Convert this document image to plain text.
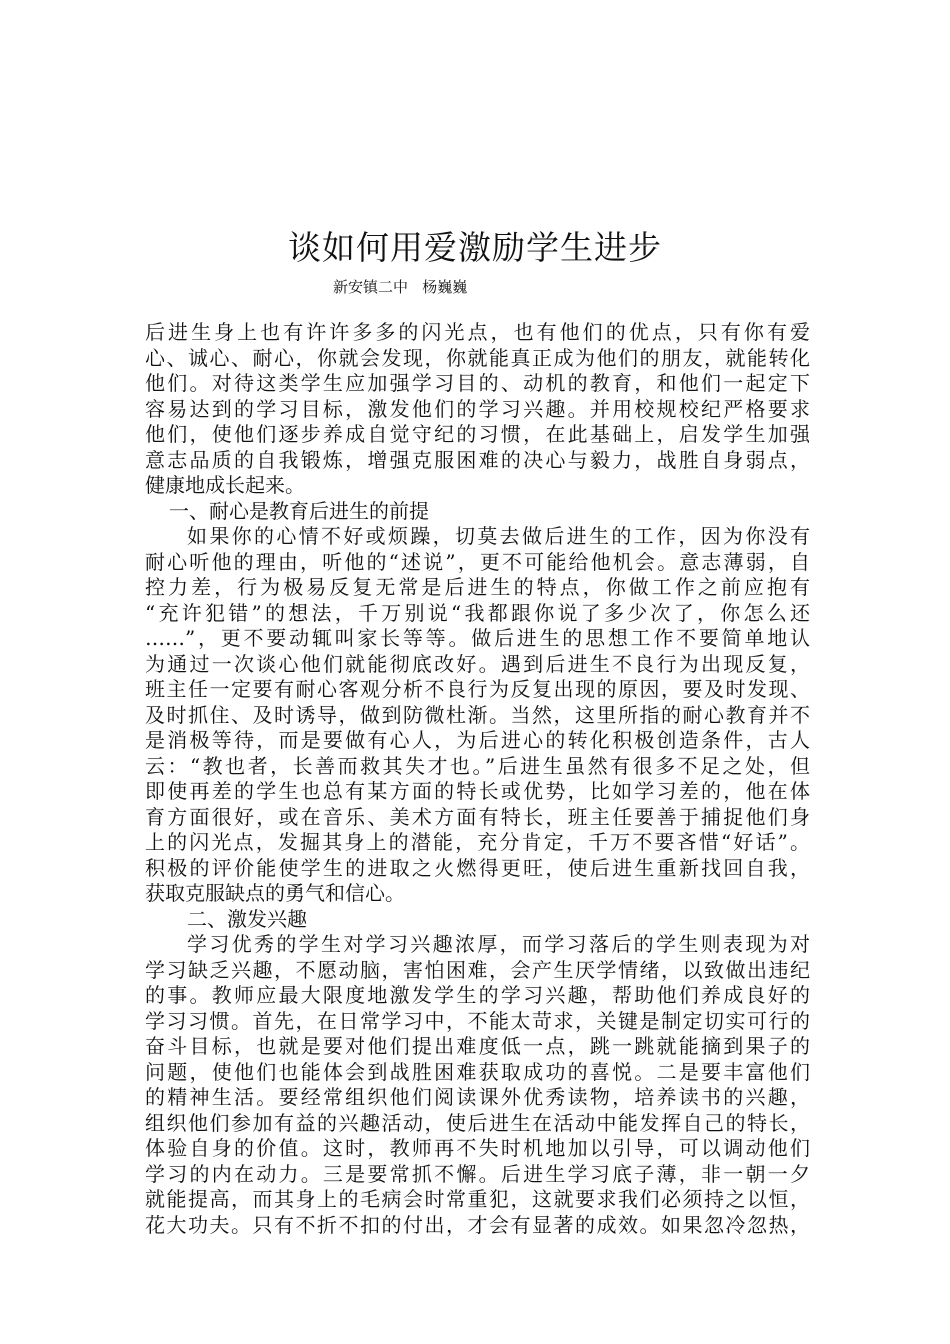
谈如何用爱激励学生进步

新安镇二中   杨巍巍

后进生身上也有许许多多的闪光点，也有他们的优点，只有你有爱
心、诚心、耐心，你就会发现，你就能真正成为他们的朋友，就能转化
他们。对待这类学生应加强学习目的、动机的教育，和他们一起定下
容易达到的学习目标，激发他们的学习兴趣。并用校规校纪严格要求
他们，使他们逐步养成自觉守纪的习惯，在此基础上，启发学生加强
意志品质的自我锻炼，增强克服困难的决心与毅力，战胜自身弱点，
健康地成长起来。
一、耐心是教育后进生的前提
如果你的心情不好或烦躁，切莫去做后进生的工作，因为你没有
耐心听他的理由，听他的“述说”，更不可能给他机会。意志薄弱，自
控力差，行为极易反复无常是后进生的特点，你做工作之前应抱有
“充许犯错”的想法，千万别说“我都跟你说了多少次了，你怎么还
……”，更不要动辄叫家长等等。做后进生的思想工作不要简单地认
为通过一次谈心他们就能彻底改好。遇到后进生不良行为出现反复，
班主任一定要有耐心客观分析不良行为反复出现的原因，要及时发现、
及时抓住、及时诱导，做到防微杜渐。当然，这里所指的耐心教育并不
是消极等待，而是要做有心人，为后进心的转化积极创造条件，古人
云：“教也者，长善而救其失才也。”后进生虽然有很多不足之处，但
即使再差的学生也总有某方面的特长或优势，比如学习差的，他在体
育方面很好，或在音乐、美术方面有特长，班主任要善于捕捉他们身
上的闪光点，发掘其身上的潜能，充分肯定，千万不要吝惜“好话”。
积极的评价能使学生的进取之火燃得更旺，使后进生重新找回自我，
获取克服缺点的勇气和信心。
二、激发兴趣
学习优秀的学生对学习兴趣浓厚，而学习落后的学生则表现为对
学习缺乏兴趣，不愿动脑，害怕困难，会产生厌学情绪，以致做出违纪
的事。教师应最大限度地激发学生的学习兴趣，帮助他们养成良好的
学习习惯。首先，在日常学习中，不能太苛求，关键是制定切实可行的
奋斗目标，也就是要对他们提出难度低一点，跳一跳就能摘到果子的
问题，使他们也能体会到战胜困难获取成功的喜悦。二是要丰富他们
的精神生活。要经常组织他们阅读课外优秀读物，培养读书的兴趣，
组织他们参加有益的兴趣活动，使后进生在活动中能发挥自己的特长，
体验自身的价值。这时，教师再不失时机地加以引导，可以调动他们
学习的内在动力。三是要常抓不懈。后进生学习底子薄，非一朝一夕
就能提高，而其身上的毛病会时常重犯，这就要求我们必须持之以恒，
花大功夫。只有不折不扣的付出，才会有显著的成效。如果忽冷忽热，
